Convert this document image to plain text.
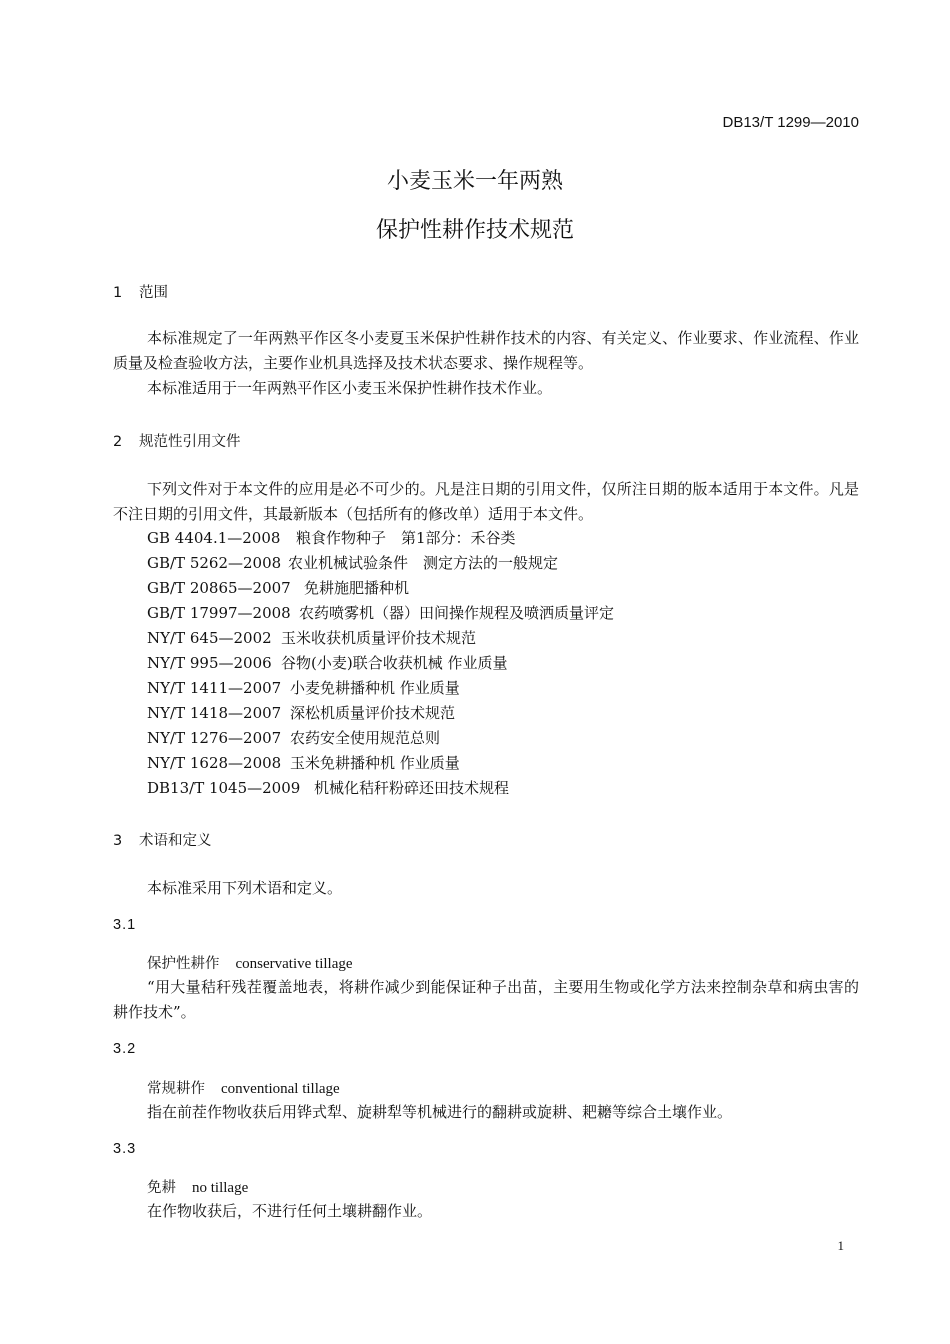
DB13/T 1299—2010
小麦玉米一年两熟
保护性耕作技术规范
1 范围
本标准规定了一年两熟平作区冬小麦夏玉米保护性耕作技术的内容、有关定义、作业要求、作业流程、作业质量及检查验收方法，主要作业机具选择及技术状态要求、操作规程等。
本标准适用于一年两熟平作区小麦玉米保护性耕作技术作业。
2 规范性引用文件
下列文件对于本文件的应用是必不可少的。凡是注日期的引用文件，仅所注日期的版本适用于本文件。凡是不注日期的引用文件，其最新版本（包括所有的修改单）适用于本文件。
GB 4404.1—2008 粮食作物种子　第1部分：禾谷类
GB/T 5262—2008 农业机械试验条件　测定方法的一般规定
GB/T 20865—2007 免耕施肥播种机
GB/T 17997—2008 农药喷雾机（器）田间操作规程及喷洒质量评定
NY/T 645—2002 玉米收获机质量评价技术规范
NY/T 995—2006 谷物(小麦)联合收获机械 作业质量
NY/T 1411—2007 小麦免耕播种机 作业质量
NY/T 1418—2007 深松机质量评价技术规范
NY/T 1276—2007 农药安全使用规范总则
NY/T 1628—2008 玉米免耕播种机 作业质量
DB13/T 1045—2009 机械化秸秆粉碎还田技术规程
3 术语和定义
本标准采用下列术语和定义。
3.1
保护性耕作 conservative tillage
“用大量秸秆残茬覆盖地表，将耕作减少到能保证种子出苗，主要用生物或化学方法来控制杂草和病虫害的耕作技术”。
3.2
常规耕作 conventional tillage
指在前茬作物收获后用铧式犁、旋耕犁等机械进行的翻耕或旋耕、耙耱等综合土壤作业。
3.3
免耕 no tillage
在作物收获后，不进行任何土壤耕翻作业。
1
